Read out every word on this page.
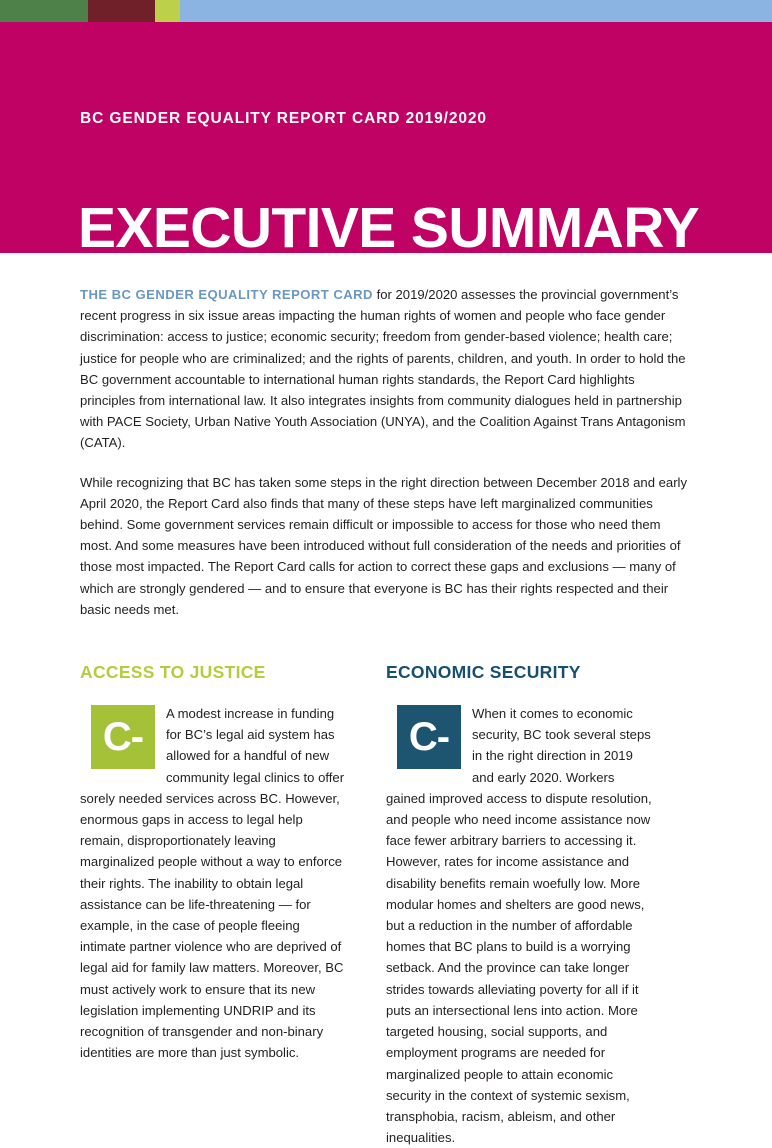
BC GENDER EQUALITY REPORT CARD 2019/2020
EXECUTIVE SUMMARY

THE BC GENDER EQUALITY REPORT CARD for 2019/2020 assesses the provincial government’s recent progress in six issue areas impacting the human rights of women and people who face gender discrimination: access to justice; economic security; freedom from gender-based violence; health care; justice for people who are criminalized; and the rights of parents, children, and youth. In order to hold the BC government accountable to international human rights standards, the Report Card highlights principles from international law. It also integrates insights from community dialogues held in partnership with PACE Society, Urban Native Youth Association (UNYA), and the Coalition Against Trans Antagonism (CATA).

While recognizing that BC has taken some steps in the right direction between December 2018 and early April 2020, the Report Card also finds that many of these steps have left marginalized communities behind. Some government services remain difficult or impossible to access for those who need them most. And some measures have been introduced without full consideration of the needs and priorities of those most impacted. The Report Card calls for action to correct these gaps and exclusions — many of which are strongly gendered — and to ensure that everyone is BC has their rights respected and their basic needs met.

ACCESS TO JUSTICE

C-
A modest increase in funding for BC’s legal aid system has allowed for a handful of new community legal clinics to offer sorely needed services across BC. However, enormous gaps in access to legal help remain, disproportionately leaving marginalized people without a way to enforce their rights. The inability to obtain legal assistance can be life-threatening — for example, in the case of people fleeing intimate partner violence who are deprived of legal aid for family law matters. Moreover, BC must actively work to ensure that its new legislation implementing UNDRIP and its recognition of transgender and non-binary identities are more than just symbolic.

ECONOMIC SECURITY

C-
When it comes to economic security, BC took several steps in the right direction in 2019 and early 2020. Workers gained improved access to dispute resolution, and people who need income assistance now face fewer arbitrary barriers to accessing it. However, rates for income assistance and disability benefits remain woefully low. More modular homes and shelters are good news, but a reduction in the number of affordable homes that BC plans to build is a worrying setback. And the province can take longer strides towards alleviating poverty for all if it puts an intersectional lens into action. More targeted housing, social supports, and employment programs are needed for marginalized people to attain economic security in the context of systemic sexism, transphobia, racism, ableism, and other inequalities.
